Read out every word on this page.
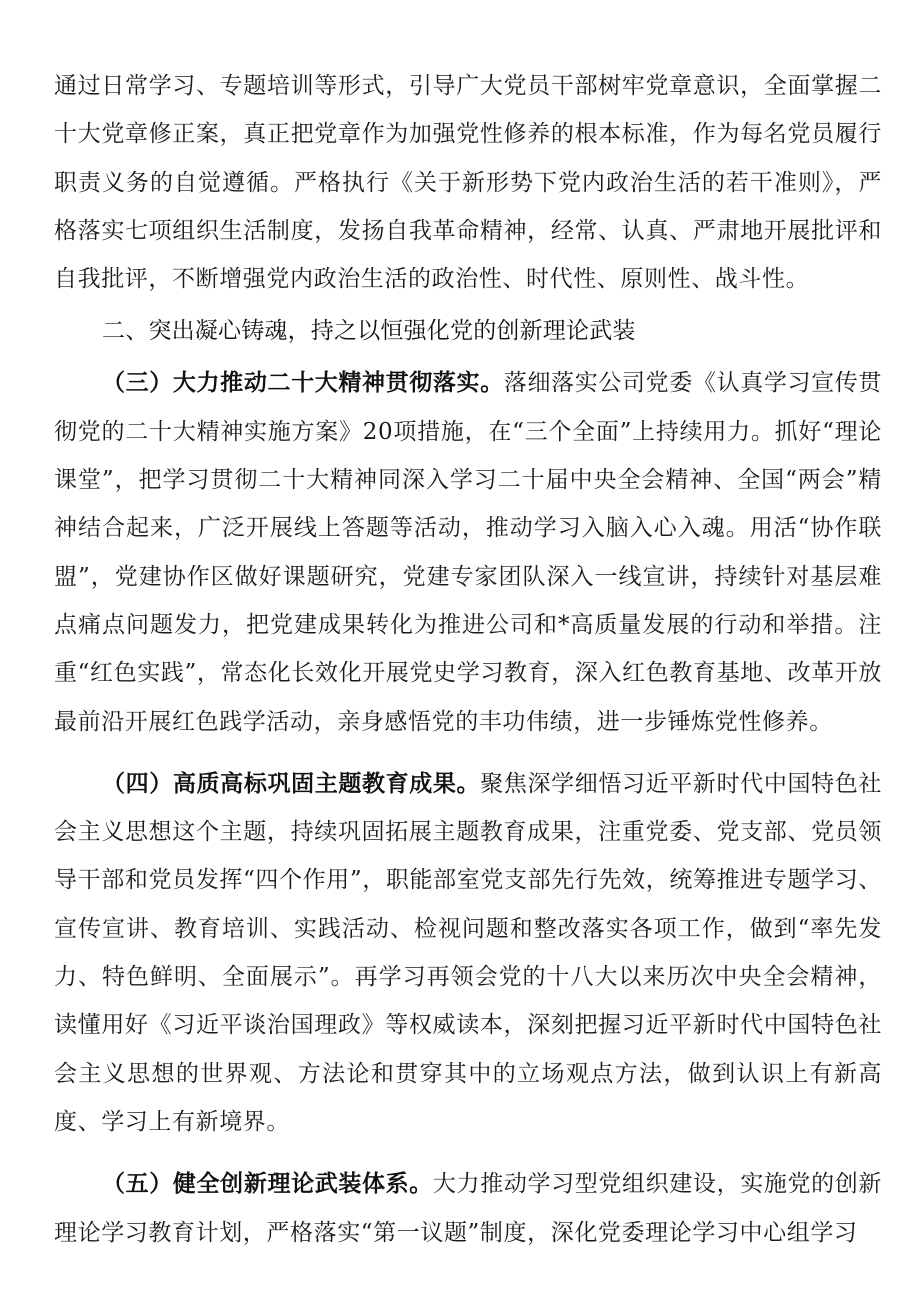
通过日常学习、专题培训等形式，引导广大党员干部树牢党章意识，全面掌握二十大党章修正案，真正把党章作为加强党性修养的根本标准，作为每名党员履行职责义务的自觉遵循。严格执行《关于新形势下党内政治生活的若干准则》，严格落实七项组织生活制度，发扬自我革命精神，经常、认真、严肃地开展批评和自我批评，不断增强党内政治生活的政治性、时代性、原则性、战斗性。

二、突出凝心铸魂，持之以恒强化党的创新理论武装

（三）大力推动二十大精神贯彻落实。落细落实公司党委《认真学习宣传贯彻党的二十大精神实施方案》20项措施，在“三个全面”上持续用力。抓好“理论课堂”，把学习贯彻二十大精神同深入学习二十届中央全会精神、全国“两会”精神结合起来，广泛开展线上答题等活动，推动学习入脑入心入魂。用活“协作联盟”，党建协作区做好课题研究，党建专家团队深入一线宣讲，持续针对基层难点痛点问题发力，把党建成果转化为推进公司和*高质量发展的行动和举措。注重“红色实践”，常态化长效化开展党史学习教育，深入红色教育基地、改革开放最前沿开展红色践学活动，亲身感悟党的丰功伟绩，进一步锤炼党性修养。

（四）高质高标巩固主题教育成果。聚焦深学细悟习近平新时代中国特色社会主义思想这个主题，持续巩固拓展主题教育成果，注重党委、党支部、党员领导干部和党员发挥“四个作用”，职能部室党支部先行先效，统筹推进专题学习、宣传宣讲、教育培训、实践活动、检视问题和整改落实各项工作，做到“率先发力、特色鲜明、全面展示”。再学习再领会党的十八大以来历次中央全会精神，读懂用好《习近平谈治国理政》等权威读本，深刻把握习近平新时代中国特色社会主义思想的世界观、方法论和贯穿其中的立场观点方法，做到认识上有新高度、学习上有新境界。

（五）健全创新理论武装体系。大力推动学习型党组织建设，实施党的创新理论学习教育计划，严格落实“第一议题”制度，深化党委理论学习中心组学习
